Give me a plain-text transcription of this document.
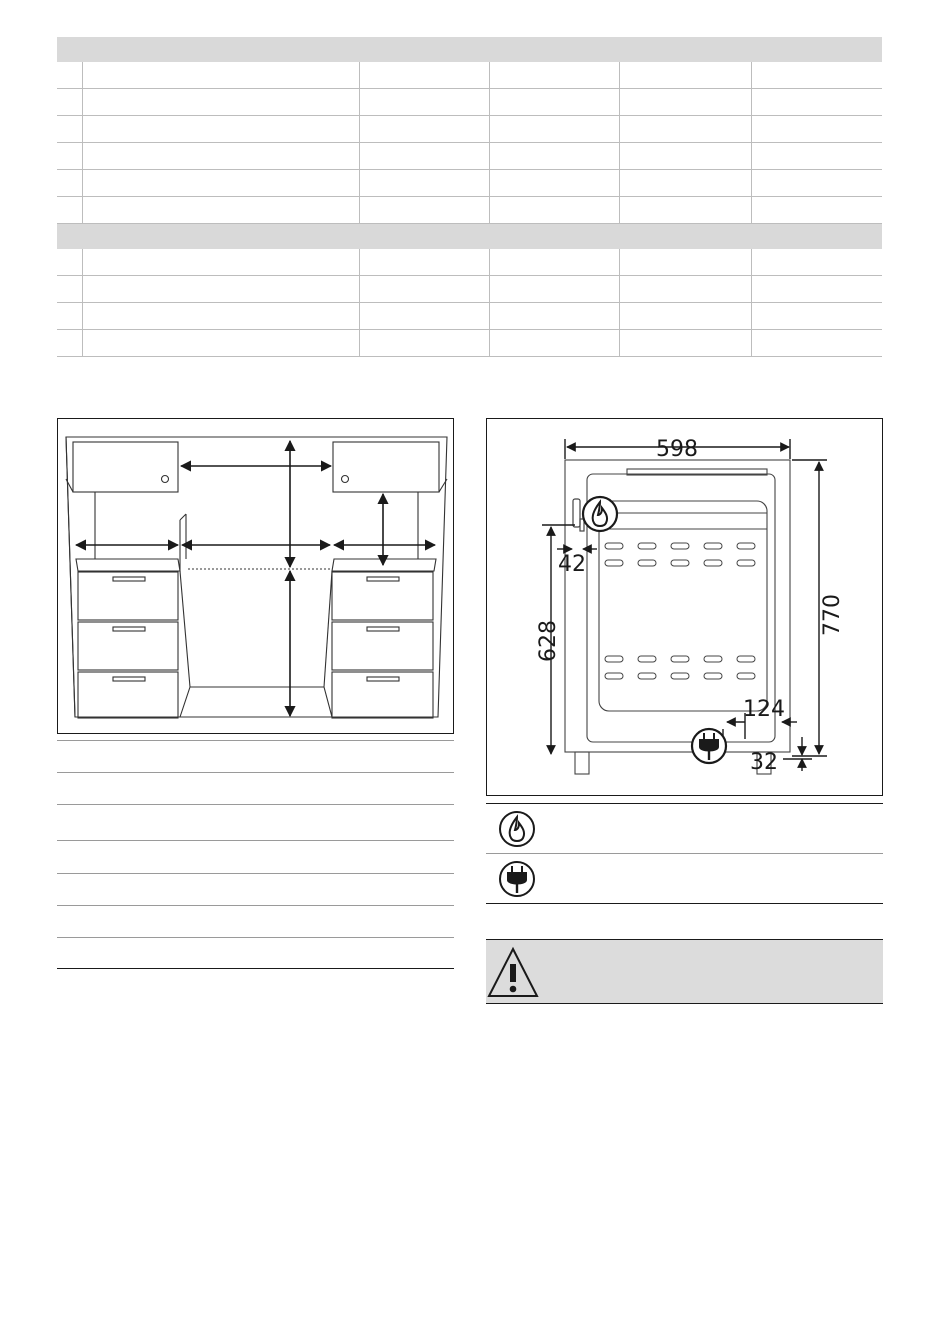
598
770
628
42
124
32
